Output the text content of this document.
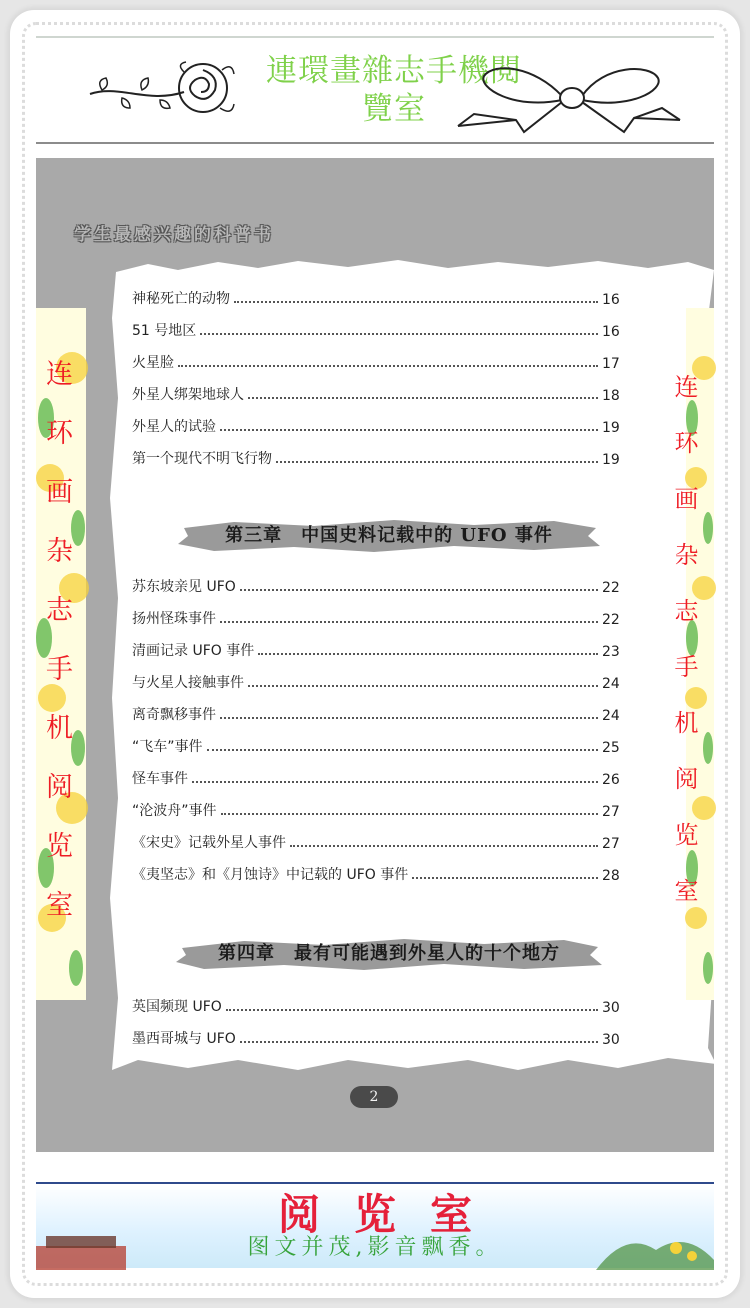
連環畫雜志手機閱
覽室
学生最感兴趣的科普书
神秘死亡的动物	16
51 号地区	16
火星脸	17
外星人绑架地球人	18
外星人的试验	19
第一个现代不明飞行物	19
第三章　中国史料记载中的 UFO 事件
苏东坡亲见 UFO	22
扬州怪珠事件	22
清画记录 UFO 事件	23
与火星人接触事件	24
离奇飘移事件	24
“飞车”事件	25
怪车事件	26
“沦波舟”事件	27
《宋史》记载外星人事件	27
《夷坚志》和《月蚀诗》中记载的 UFO 事件	28
第四章　最有可能遇到外星人的十个地方
英国频现 UFO	30
墨西哥城与 UFO	30
2
连环画杂志手机阅览室
阅览室
图文并茂,影音飘香。
